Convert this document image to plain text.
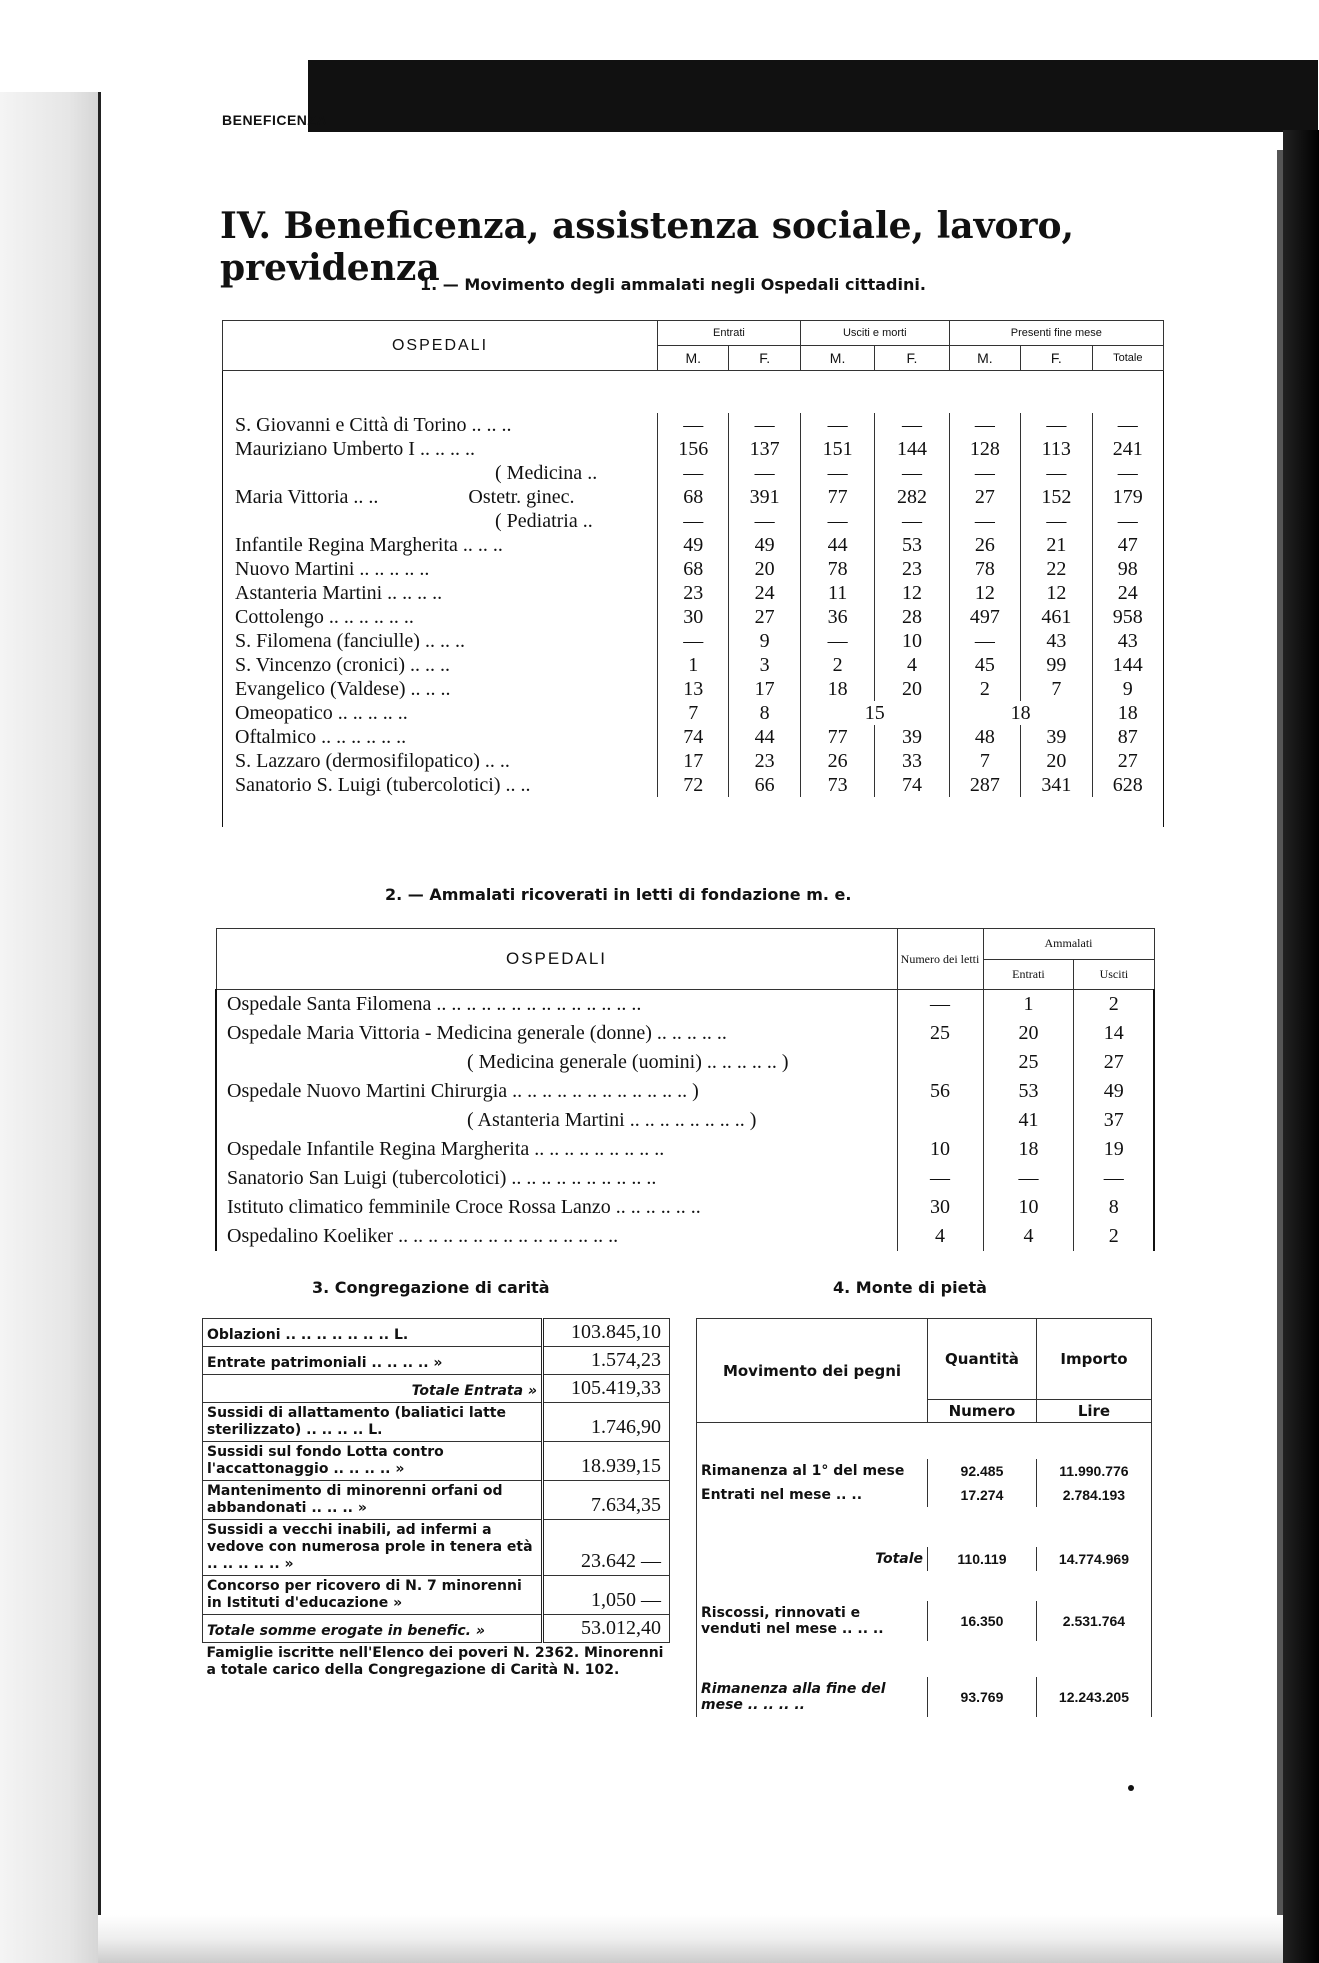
BENEFICENZA
IV. Beneficenza, assistenza sociale, lavoro, previdenza
1. — Movimento degli ammalati negli Ospedali cittadini.
OSPEDALI	Entrati		Usciti e morti		Presenti fine mese		
	M.	F.	M.	F.	M.	F.	Totale

S. Giovanni e Città di Torino .. .. ..	—	—	—	—	—	—	—
Mauriziano Umberto I .. .. .. ..	156	137	151	144	128	113	241
( Medicina ..	—	—	—	—	—	—	—
Maria Vittoria .. .. Ostetr. ginec.	68	391	77	282	27	152	179
( Pediatria ..	—	—	—	—	—	—	—
Infantile Regina Margherita .. .. ..	49	49	44	53	26	21	47
Nuovo Martini .. .. .. .. ..	68	20	78	23	78	22	98
Astanteria Martini .. .. .. ..	23	24	11	12	12	12	24
Cottolengo .. .. .. .. .. ..	30	27	36	28	497	461	958
S. Filomena (fanciulle) .. .. ..	—	9	—	10	—	43	43
S. Vincenzo (cronici) .. .. ..	1	3	2	4	45	99	144
Evangelico (Valdese) .. .. ..	13	17	18	20	2	7	9
Omeopatico .. .. .. .. ..	7	8	15		18		18
Oftalmico .. .. .. .. .. ..	74	44	77	39	48	39	87
S. Lazzaro (dermosifilopatico) .. ..	17	23	26	33	7	20	27
Sanatorio S. Luigi (tubercolotici) .. ..	72	66	73	74	287	341	628

2. — Ammalati ricoverati in letti di fondazione m. e.
OSPEDALI	Numero dei letti	Ammalati	
		Entrati	Usciti
Ospedale Santa Filomena .. .. .. .. .. .. .. .. .. .. .. .. .. ..	—	1	2
Ospedale Maria Vittoria - Medicina generale (donne) .. .. .. .. ..	25	20	14
( Medicina generale (uomini) .. .. .. .. .. )		25	27
Ospedale Nuovo Martini Chirurgia .. .. .. .. .. .. .. .. .. .. .. .. )	56	53	49
( Astanteria Martini .. .. .. .. .. .. .. .. )		41	37
Ospedale Infantile Regina Margherita .. .. .. .. .. .. .. .. ..	10	18	19
Sanatorio San Luigi (tubercolotici) .. .. .. .. .. .. .. .. .. ..	—	—	—
Istituto climatico femminile Croce Rossa Lanzo .. .. .. .. .. ..	30	10	8
Ospedalino Koeliker .. .. .. .. .. .. .. .. .. .. .. .. .. .. ..	4	4	2
3. Congregazione di carità	4. Monte di pietà
Oblazioni .. .. .. .. .. .. .. L.	103.845,10
Entrate patrimoniali .. .. .. .. »	1.574,23
Totale Entrata »	105.419,33
Sussidi di allattamento (baliatici latte sterilizzato) .. .. .. .. L.	1.746,90
Sussidi sul fondo Lotta contro l'accattonaggio .. .. .. .. »	18.939,15
Mantenimento di minorenni orfani od abbandonati .. .. .. »	7.634,35
Sussidi a vecchi inabili, ad infermi a vedove con numerosa prole in tenera età .. .. .. .. .. »	23.642 —
Concorso per ricovero di N. 7 minorenni in Istituti d'educazione »	1,050 —
Totale somme erogate in benefic. »	53.012,40
Famiglie iscritte nell'Elenco dei poveri N. 2362. Minorenni a totale carico della Congregazione di Carità N. 102.	
Movimento dei pegni	Quantità	Importo
	Numero	Lire

Rimanenza al 1° del mese	92.485	11.990.776
Entrati nel mese .. ..	17.274	2.784.193

Totale	110.119	14.774.969

Riscossi, rinnovati e venduti nel mese .. .. ..	16.350	2.531.764

Rimanenza alla fine del mese .. .. .. ..	93.769	12.243.205
